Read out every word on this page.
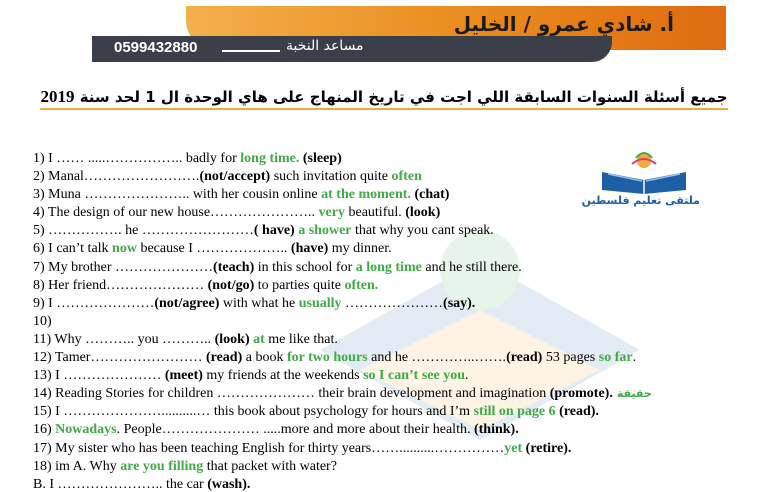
أ. شادي عمرو / الخليل
0599432880	مساعد النخبة
جميع أسئلة السنوات السابقة اللي اجت في تاريخ المنهاج على هاي الوحدة ال 1 لحد سنة 2019
ملتقى تعليم فلسطين
1) I …… .....…………….. badly for long time. (sleep)
2) Manal…………………….(not/accept) such invitation quite often
3) Muna ………………….. with her cousin online at the moment. (chat)
4) The design of our new house………………….. very beautiful. (look)
5) ……………. he ……………………( have) a shower that why you cant speak.
6) I can’t talk now because I ……………….. (have) my dinner.
7) My brother …………………(teach) in this school for a long time and he still there.
8) Her friend………………… (not/go) to parties quite often.
9) I …………………(not/agree) with what he usually …………………(say).
10)
11) Why ……….. you ……….. (look) at me like that.
12) Tamer…………………… (read) a book for two hours and he …………..…….(read) 53 pages so far.
13) I ………………… (meet) my friends at the weekends so I can’t see you.
14) Reading Stories for children ………………… their brain development and imagination (promote). حقيقة
15) I …………………..........… this book about psychology for hours and I’m still on page 6 (read).
16) Nowadays. People………………… .....more and more about their health. (think).
17) My sister who has been teaching English for thirty years……..........……………yet (retire).
18) im A. Why are you filling that packet with water?
B. I ………………….. the car (wash).
